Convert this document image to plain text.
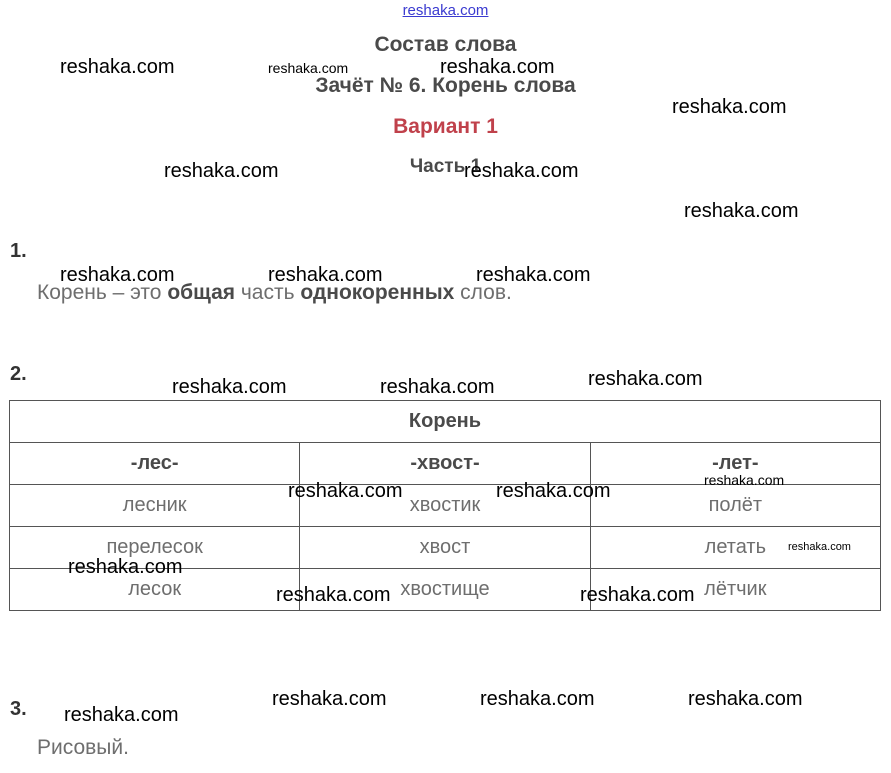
reshaka.com
Состав слова
Зачёт № 6. Корень слова
Вариант 1
Часть 1
1.
Корень – это общая часть однокоренных слов.
2.
Корень		
-лес-	-хвост-	-лет-
лесник	хвостик	полёт
перелесок	хвост	летать
лесок	хвостище	лётчик
3.
Рисовый.
reshaka.com	reshaka.com	reshaka.com
reshaka.com
reshaka.com	reshaka.com
reshaka.com
reshaka.com	reshaka.com	reshaka.com
reshaka.com	reshaka.com	reshaka.com
reshaka.com
reshaka.com	reshaka.com
reshaka.com
reshaka.com
reshaka.com	reshaka.com
reshaka.com	reshaka.com	reshaka.com
reshaka.com
